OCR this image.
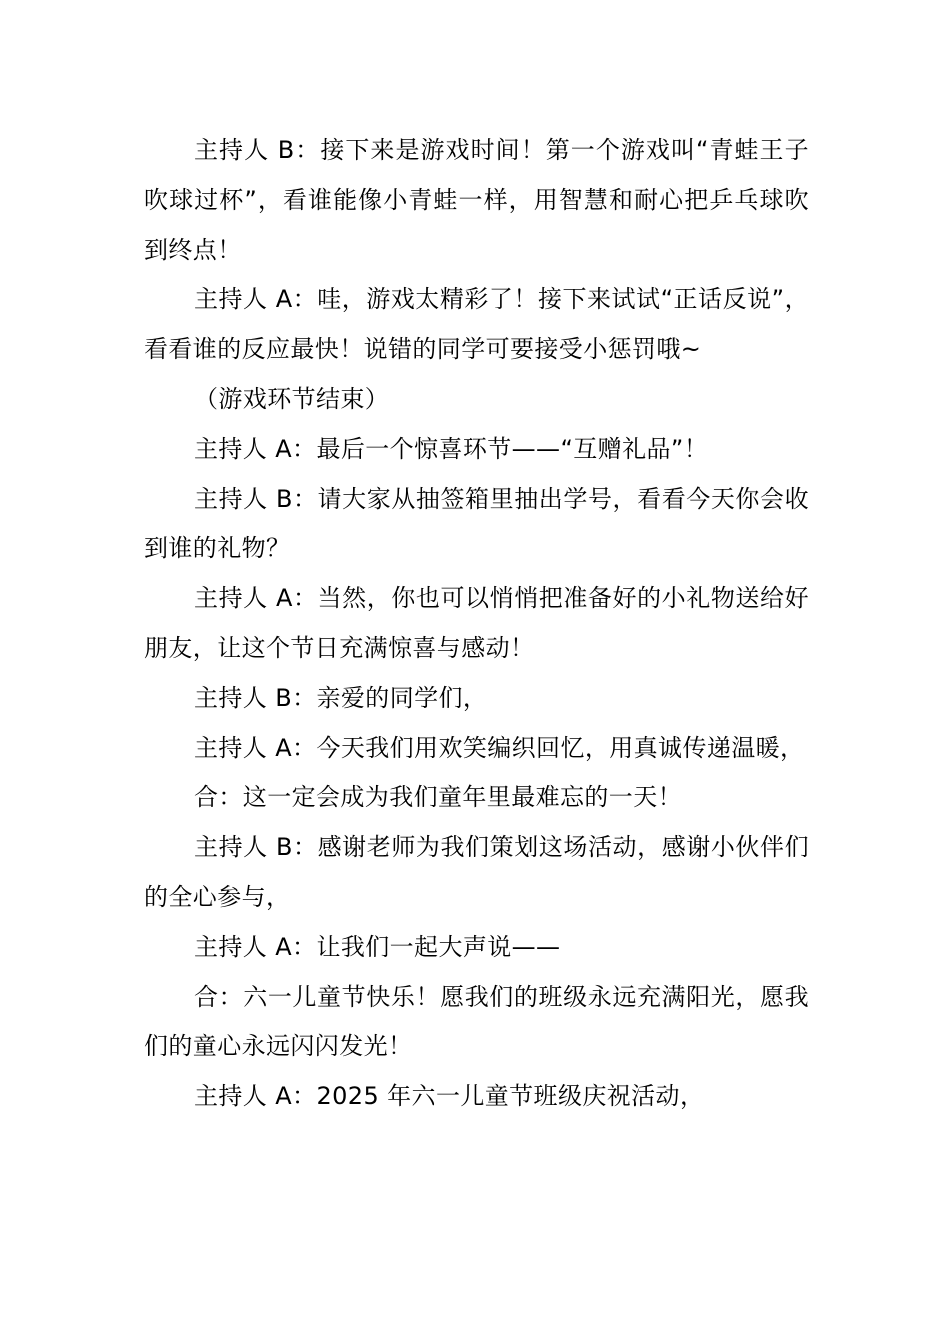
主持人 B：接下来是游戏时间！第一个游戏叫“青蛙王子吹球过杯”，看谁能像小青蛙一样，用智慧和耐心把乒乓球吹到终点！

主持人 A：哇，游戏太精彩了！接下来试试“正话反说”，看看谁的反应最快！说错的同学可要接受小惩罚哦~

（游戏环节结束）

主持人 A：最后一个惊喜环节——“互赠礼品”！

主持人 B：请大家从抽签箱里抽出学号，看看今天你会收到谁的礼物？

主持人 A：当然，你也可以悄悄把准备好的小礼物送给好朋友，让这个节日充满惊喜与感动！

主持人 B：亲爱的同学们，

主持人 A：今天我们用欢笑编织回忆，用真诚传递温暖，

合：这一定会成为我们童年里最难忘的一天！

主持人 B：感谢老师为我们策划这场活动，感谢小伙伴们的全心参与，

主持人 A：让我们一起大声说——

合：六一儿童节快乐！愿我们的班级永远充满阳光，愿我们的童心永远闪闪发光！

主持人 A：2025 年六一儿童节班级庆祝活动，
